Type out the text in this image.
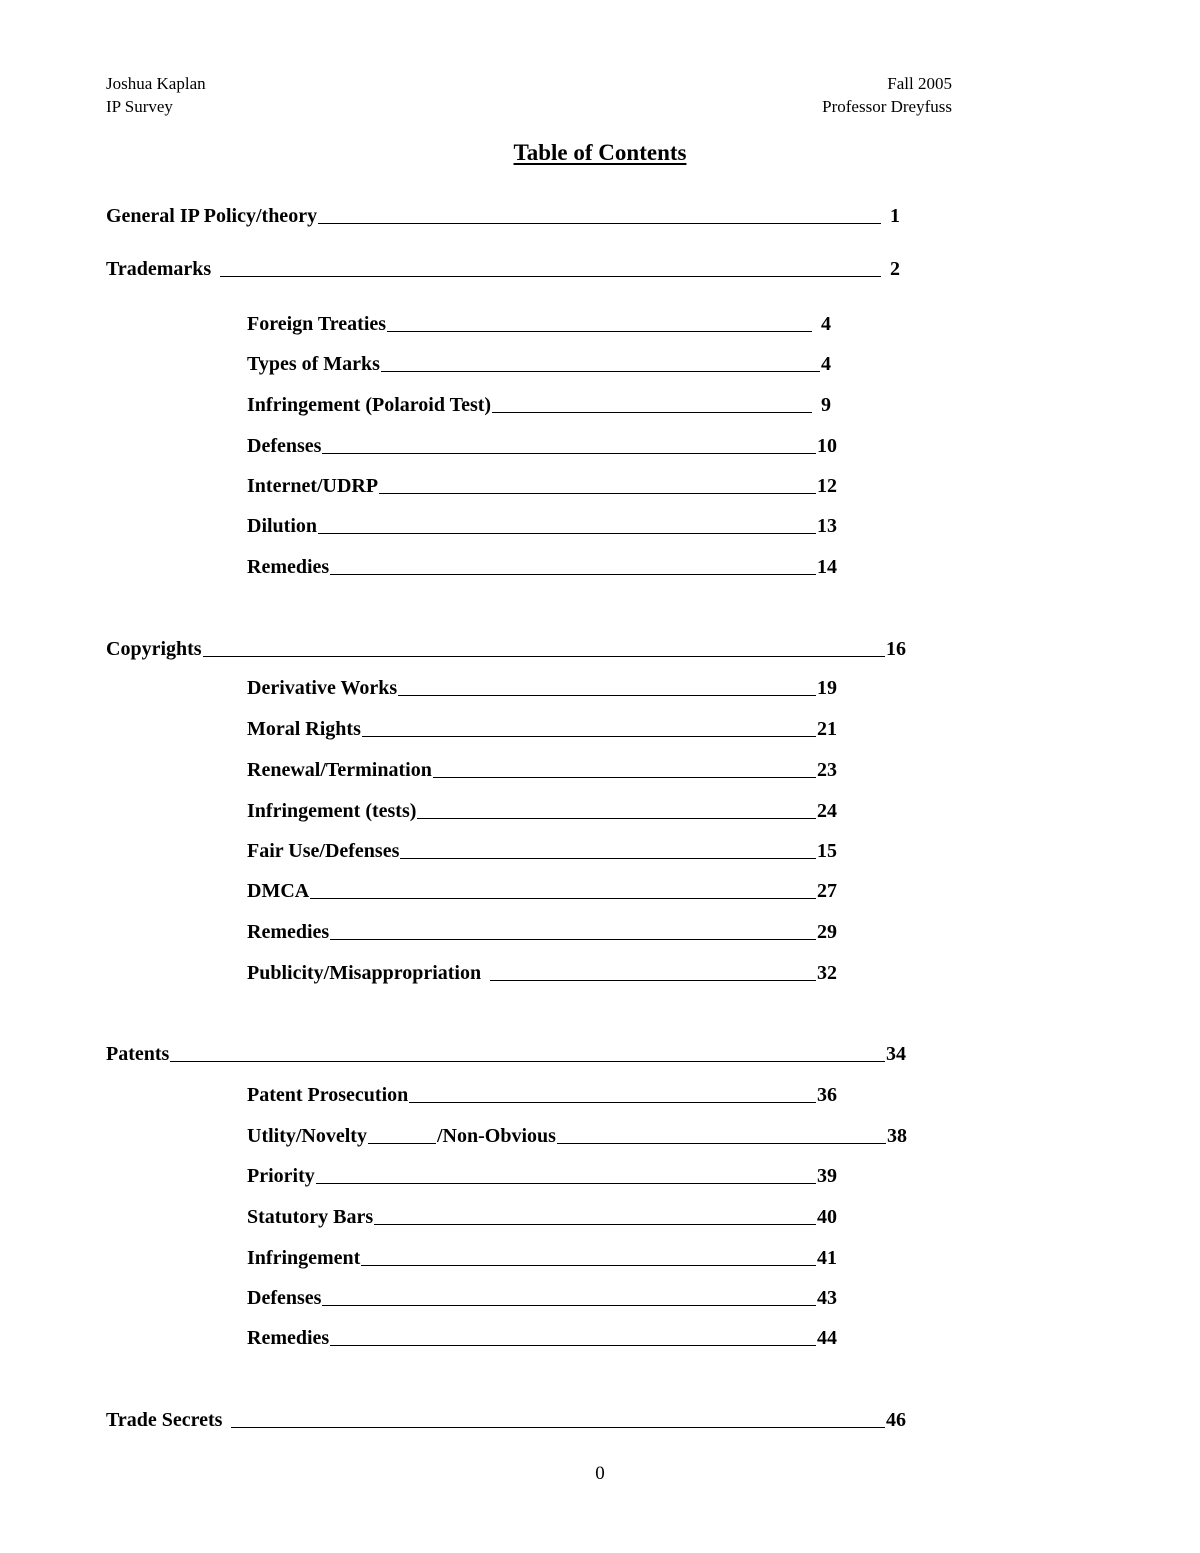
Joshua Kaplan
IP Survey
Fall 2005
Professor Dreyfuss
Table of Contents
General IP Policy/theory	1
Trademarks	2
Foreign Treaties	4
Types of Marks	4
Infringement (Polaroid Test)	9
Defenses	10
Internet/UDRP	12
Dilution	13
Remedies	14
Copyrights	16
Derivative Works	19
Moral Rights	21
Renewal/Termination	23
Infringement (tests)	24
Fair Use/Defenses	15
DMCA	27
Remedies	29
Publicity/Misappropriation	32
Patents	34
Patent Prosecution	36
Utlity/Novelty	/Non-Obvious	38
Priority	39
Statutory Bars	40
Infringement	41
Defenses	43
Remedies	44
Trade Secrets	46
0
